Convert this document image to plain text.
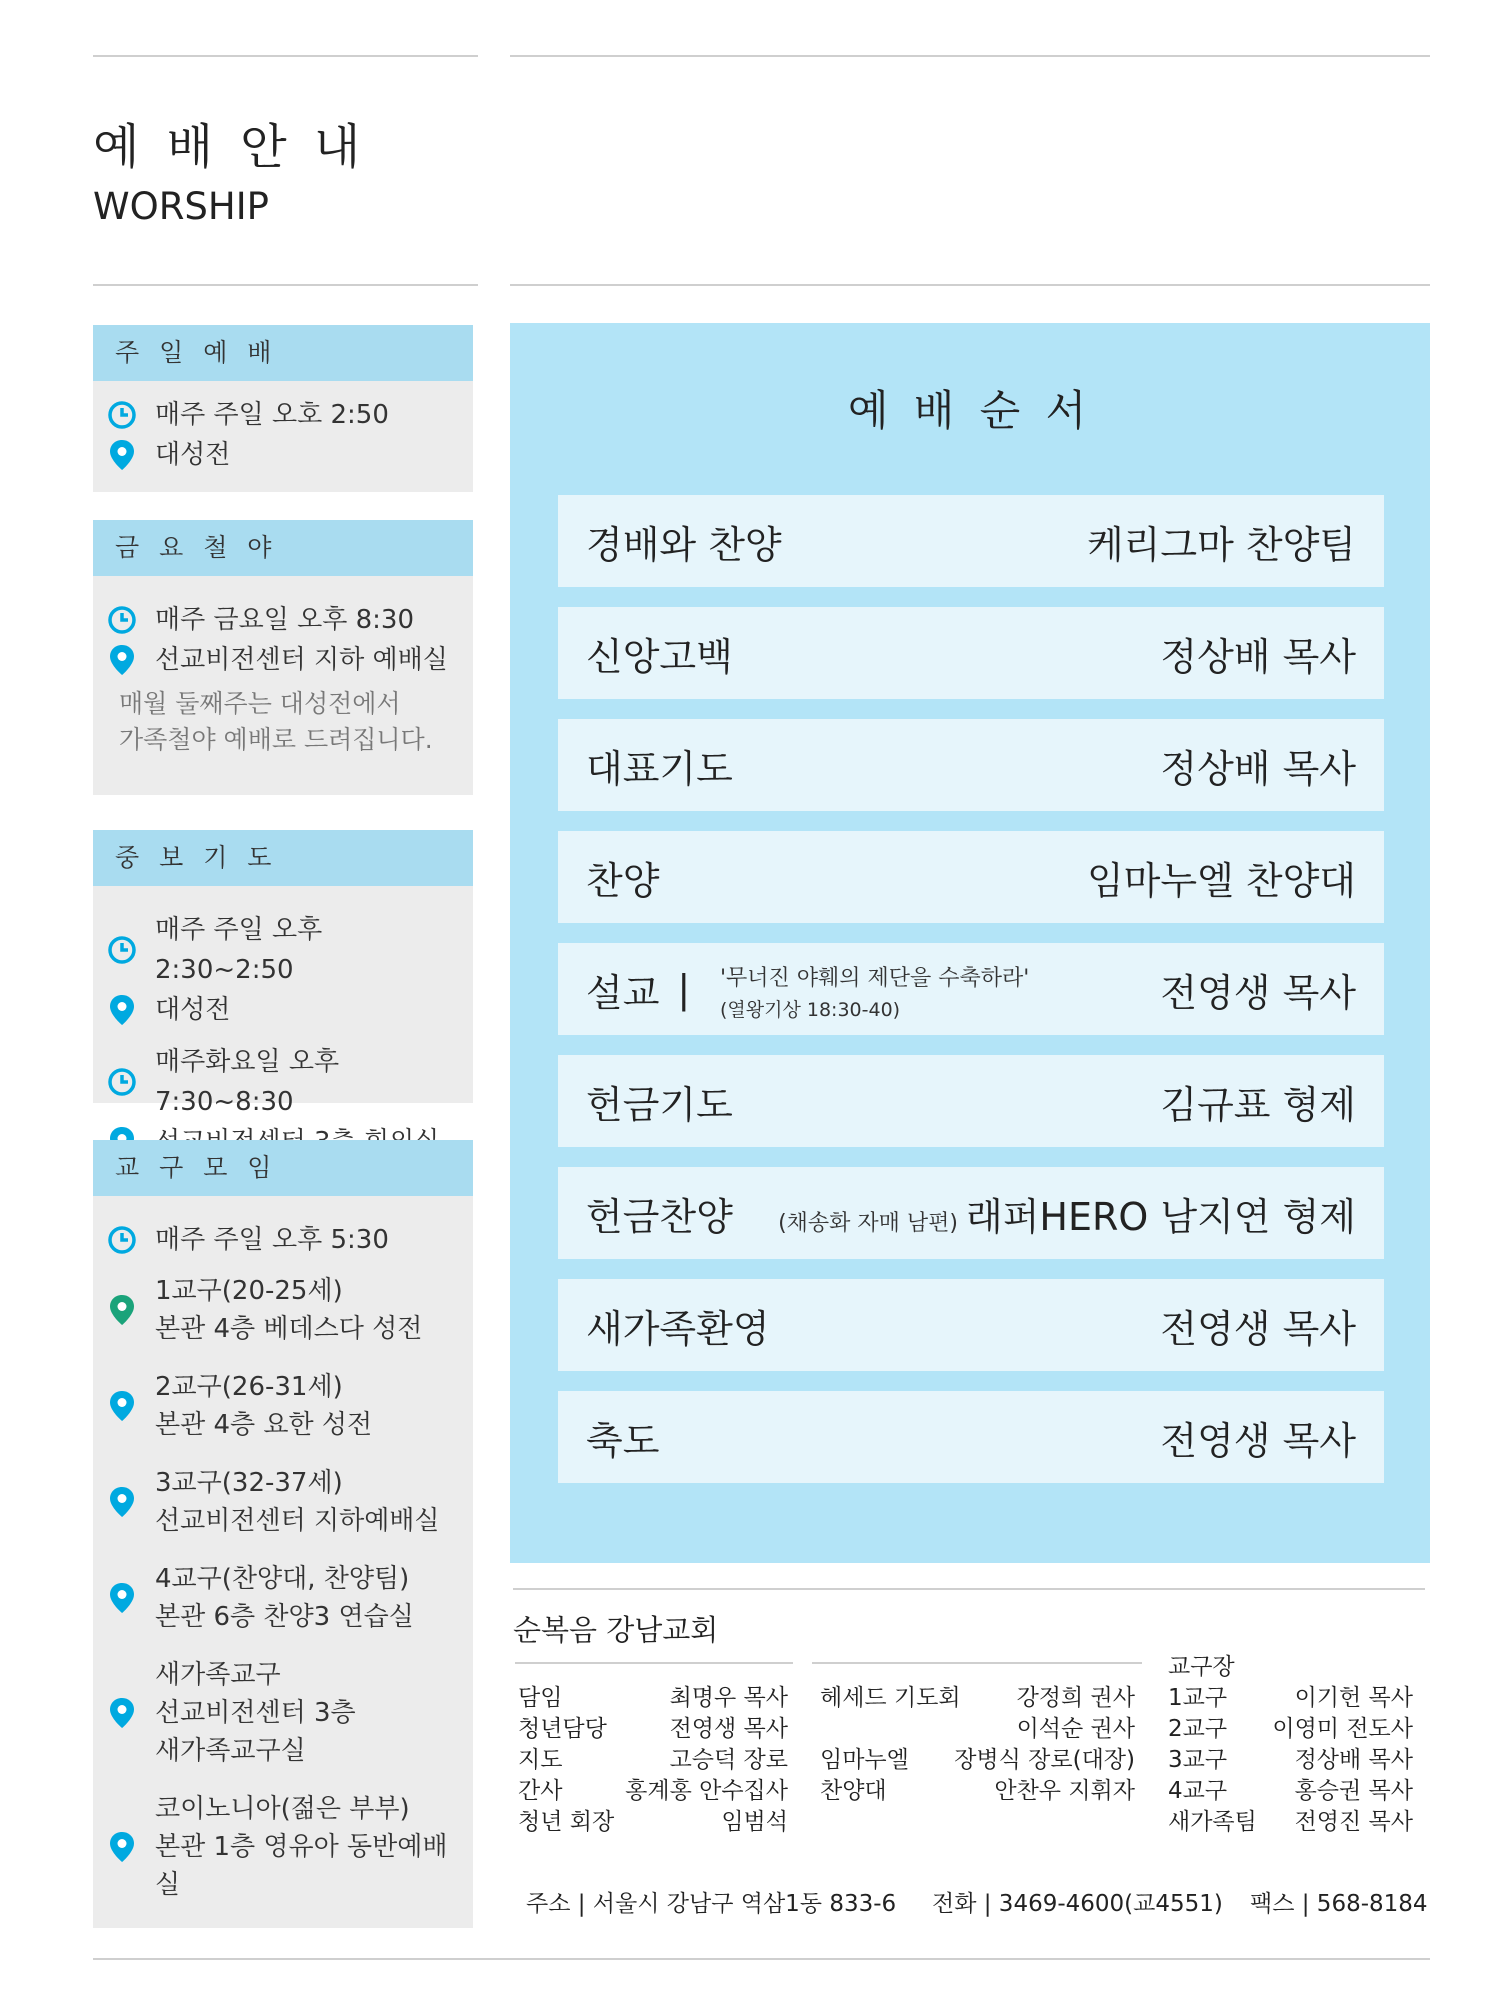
예 배 안 내
WORSHIP
주 일 예 배
매주 주일 오호 2:50
대성전
금 요 철 야
매주 금요일 오후 8:30
선교비전센터 지하 예배실
매월 둘째주는 대성전에서
가족철야 예배로 드려집니다.
중 보 기 도
매주 주일 오후 2:30~2:50
대성전
매주화요일 오후7:30~8:30
교 구 모 임
매주 주일 오후 5:30
1교구(20-25세)
본관 4층 베데스다 성전
2교구(26-31세)
본관 4층 요한 성전
3교구(32-37세)
선교비전센터 지하예배실
4교구(찬양대, 찬양팀)
본관 6층 찬양3 연습실
새가족교구
선교비전센터 3층
새가족교구실
코이노니아(젊은 부부)
본관 1층 영유아 동반예배실
예 배 순 서
경배와 찬양	케리그마 찬양팀
신앙고백	정상배 목사
대표기도	정상배 목사
찬양	임마누엘 찬양대
설교 | '무너진 야훼의 제단을 수축하라'
(열왕기상 18:30-40)	전영생 목사
헌금기도	김규표 형제
헌금찬양 (채송화 자매 남편) 래퍼HERO 남지연 형제
새가족환영	전영생 목사
축도	전영생 목사
순복음 강남교회
담임	최명우 목사
청년담당	전영생 목사
지도	고승덕 장로
간사	홍계홍 안수집사
청년 회장	임범석
헤세드 기도회 강정희 권사
이석순 권사
임마누엘 장병식 장로(대장)
찬양대	안찬우 지휘자
교구장
1교구	이기헌 목사
2교구 이영미 전도사
3교구	정상배 목사
4교구	홍승권 목사
새가족팀 전영진 목사
주소 | 서울시 강남구 역삼1동 833-6 전화 | 3469-4600(교4551) 팩스 | 568-8184
